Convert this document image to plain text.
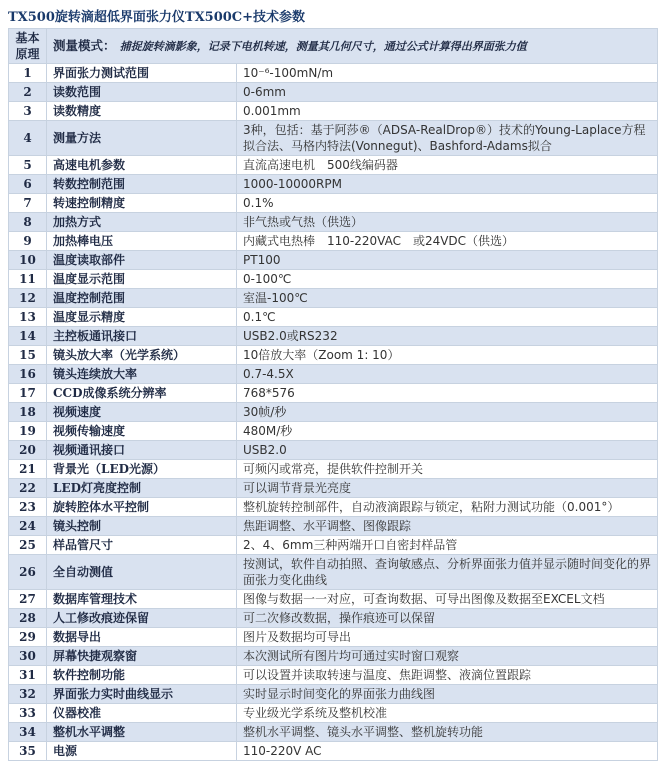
TX500旋转滴超低界面张力仪TX500C+技术参数
基本原理	测量模式： 捕捉旋转滴影象，记录下电机转速，测量其几何尺寸，通过公式计算得出界面张力值	
1	界面张力测试范围	10⁻⁶-100mN/m
2	读数范围	0-6mm
3	读数精度	0.001mm
4	测量方法	3种，包括：基于阿莎®（ADSA-RealDrop®）技术的Young-Laplace方程拟合法、马格内特法(Vonnegut)、Bashford-Adams拟合
5	高速电机参数	直流高速电机　500线编码器
6	转数控制范围	1000-10000RPM
7	转速控制精度	0.1%
8	加热方式	非气热或气热（供选）
9	加热棒电压	内藏式电热棒　110-220VAC　或24VDC（供选）
10	温度读取部件	PT100
11	温度显示范围	0-100℃
12	温度控制范围	室温-100℃
13	温度显示精度	0.1℃
14	主控板通讯接口	USB2.0或RS232
15	镜头放大率（光学系统）	10倍放大率（Zoom 1: 10）
16	镜头连续放大率	0.7-4.5X
17	CCD成像系统分辨率	768*576
18	视频速度	30帧/秒
19	视频传输速度	480M/秒
20	视频通讯接口	USB2.0
21	背景光（LED光源）	可频闪或常亮，提供软件控制开关
22	LED灯亮度控制	可以调节背景光亮度
23	旋转腔体水平控制	整机旋转控制部件，自动液滴跟踪与锁定，粘附力测试功能（0.001°）
24	镜头控制	焦距调整、水平调整、图像跟踪
25	样品管尺寸	2、4、6mm三种两端开口自密封样品管
26	全自动测值	按测试，软件自动拍照、查询敏感点、分析界面张力值并显示随时间变化的界面张力变化曲线
27	数据库管理技术	图像与数据一一对应，可查询数据、可导出图像及数据至EXCEL文档
28	人工修改痕迹保留	可二次修改数据，操作痕迹可以保留
29	数据导出	图片及数据均可导出
30	屏幕快捷观察窗	本次测试所有图片均可通过实时窗口观察
31	软件控制功能	可以设置并读取转速与温度、焦距调整、液滴位置跟踪
32	界面张力实时曲线显示	实时显示时间变化的界面张力曲线图
33	仪器校准	专业级光学系统及整机校准
34	整机水平调整	整机水平调整、镜头水平调整、整机旋转功能
35	电源	110-220V AC
